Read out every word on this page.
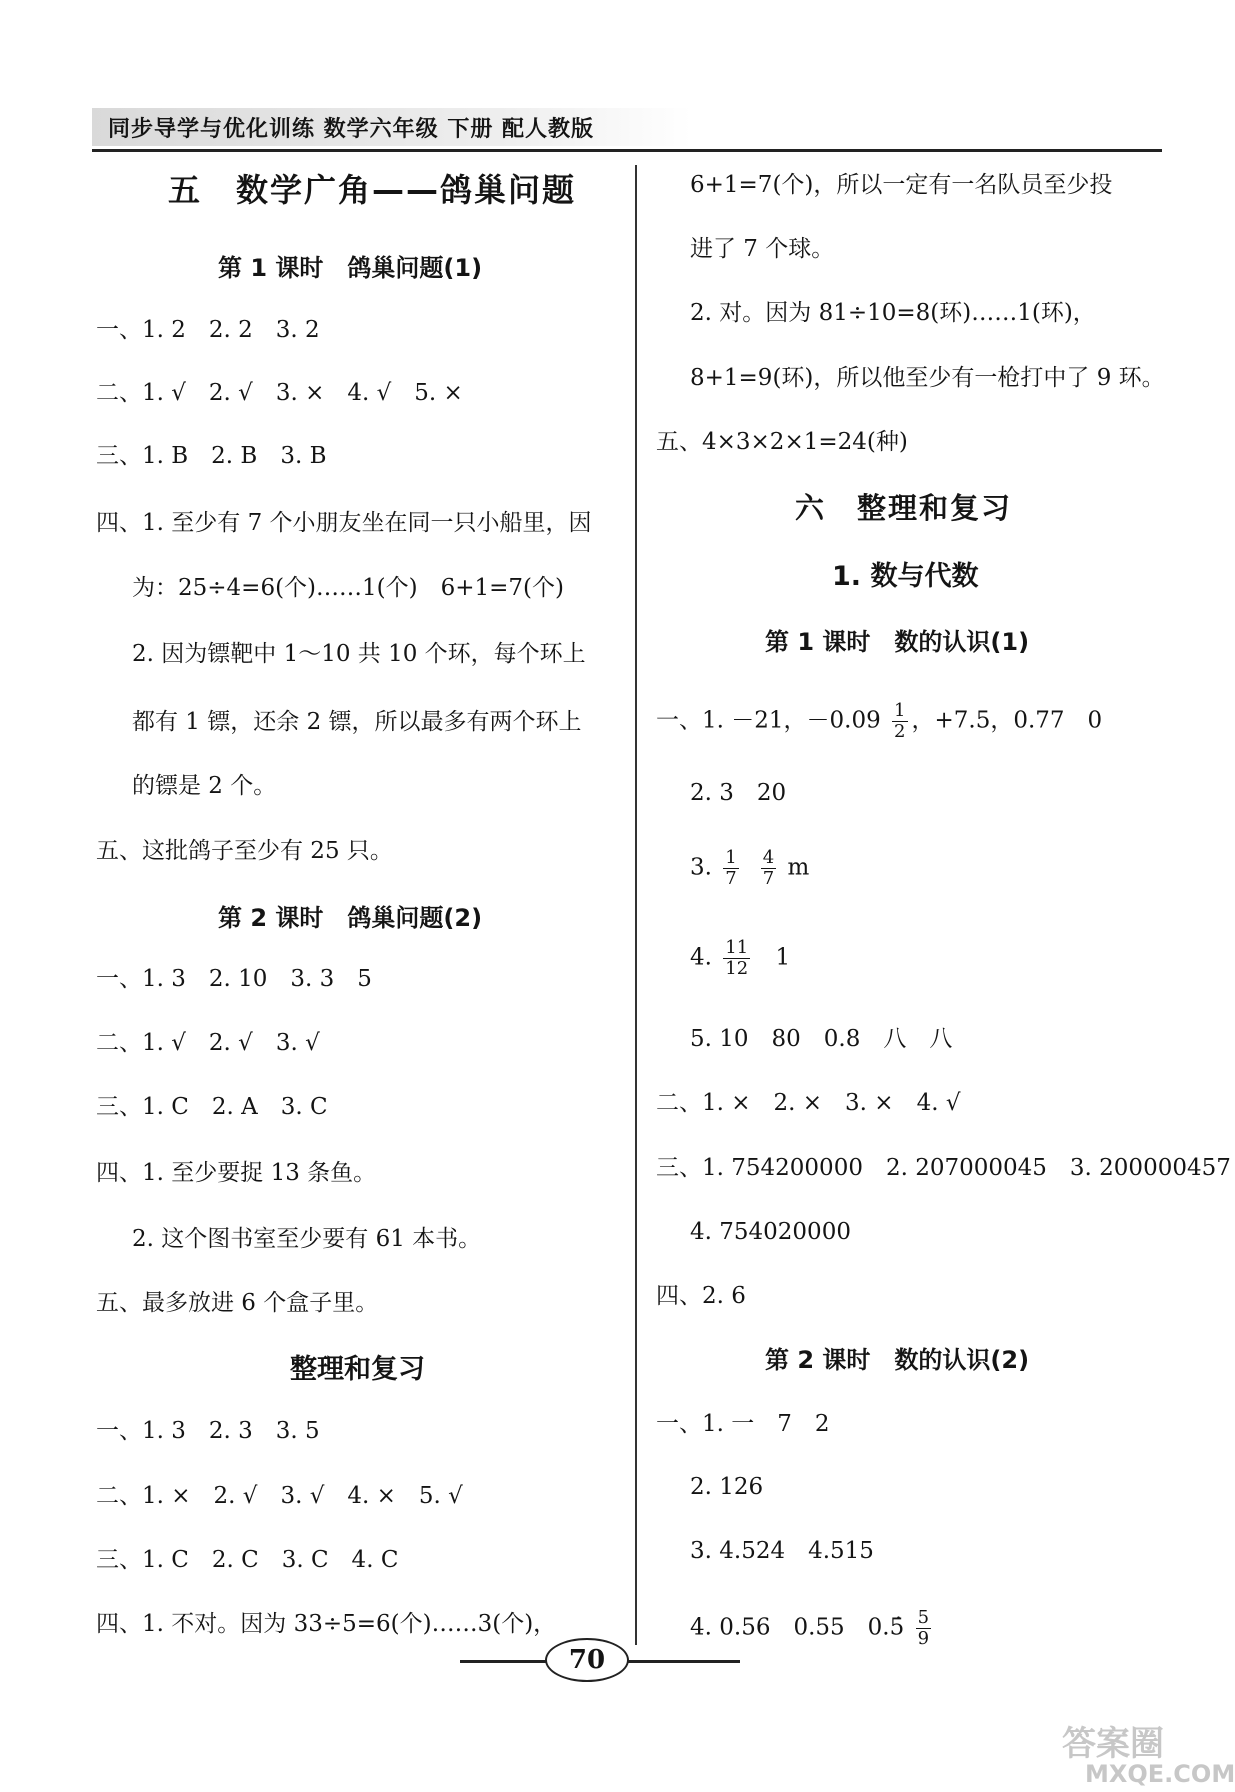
同步导学与优化训练 数学六年级 下册 配人教版
五　数学广角——鸽巢问题
第 1 课时　鸽巢问题(1)
一、1. 2　2. 2　3. 2
二、1. √　2. √　3. ×　4. √　5. ×
三、1. B　2. B　3. B
四、1. 至少有 7 个小朋友坐在同一只小船里，因
为：25÷4=6(个)……1(个)　6+1=7(个)
2. 因为镖靶中 1～10 共 10 个环，每个环上
都有 1 镖，还余 2 镖，所以最多有两个环上
的镖是 2 个。
五、这批鸽子至少有 25 只。
第 2 课时　鸽巢问题(2)
一、1. 3　2. 10　3. 3　5
二、1. √　2. √　3. √
三、1. C　2. A　3. C
四、1. 至少要捉 13 条鱼。
2. 这个图书室至少要有 61 本书。
五、最多放进 6 个盒子里。
整理和复习
一、1. 3　2. 3　3. 5
二、1. ×　2. √　3. √　4. ×　5. √
三、1. C　2. C　3. C　4. C
四、1. 不对。因为 33÷5=6(个)……3(个)，
6+1=7(个)，所以一定有一名队员至少投
进了 7 个球。
2. 对。因为 81÷10=8(环)……1(环)，
8+1=9(环)，所以他至少有一枪打中了 9 环。
五、4×3×2×1=24(种)
六　整理和复习
1. 数与代数
第 1 课时　数的认识(1)
一、1. －21，$-0.09 \frac{1}{2}$ ，+7.5，0.77　0
2. 3　20
3. $\frac{1}{7} \frac{4}{7}$ m
4. $\frac{11}{12} 1$
5. 10　80　0.8　八　八
二、1. ×　2. ×　3. ×　4. √
三、1. 754200000　2. 207000045　3. 200000457
4. 754020000
四、2. 6
第 2 课时　数的认识(2)
一、1. 一　7　2
2. 126
3. 4.524　4.515
4. 0.56　0.55　0.5̇ $\frac{5}{9}$
70
答案圈
MXQE.COM
